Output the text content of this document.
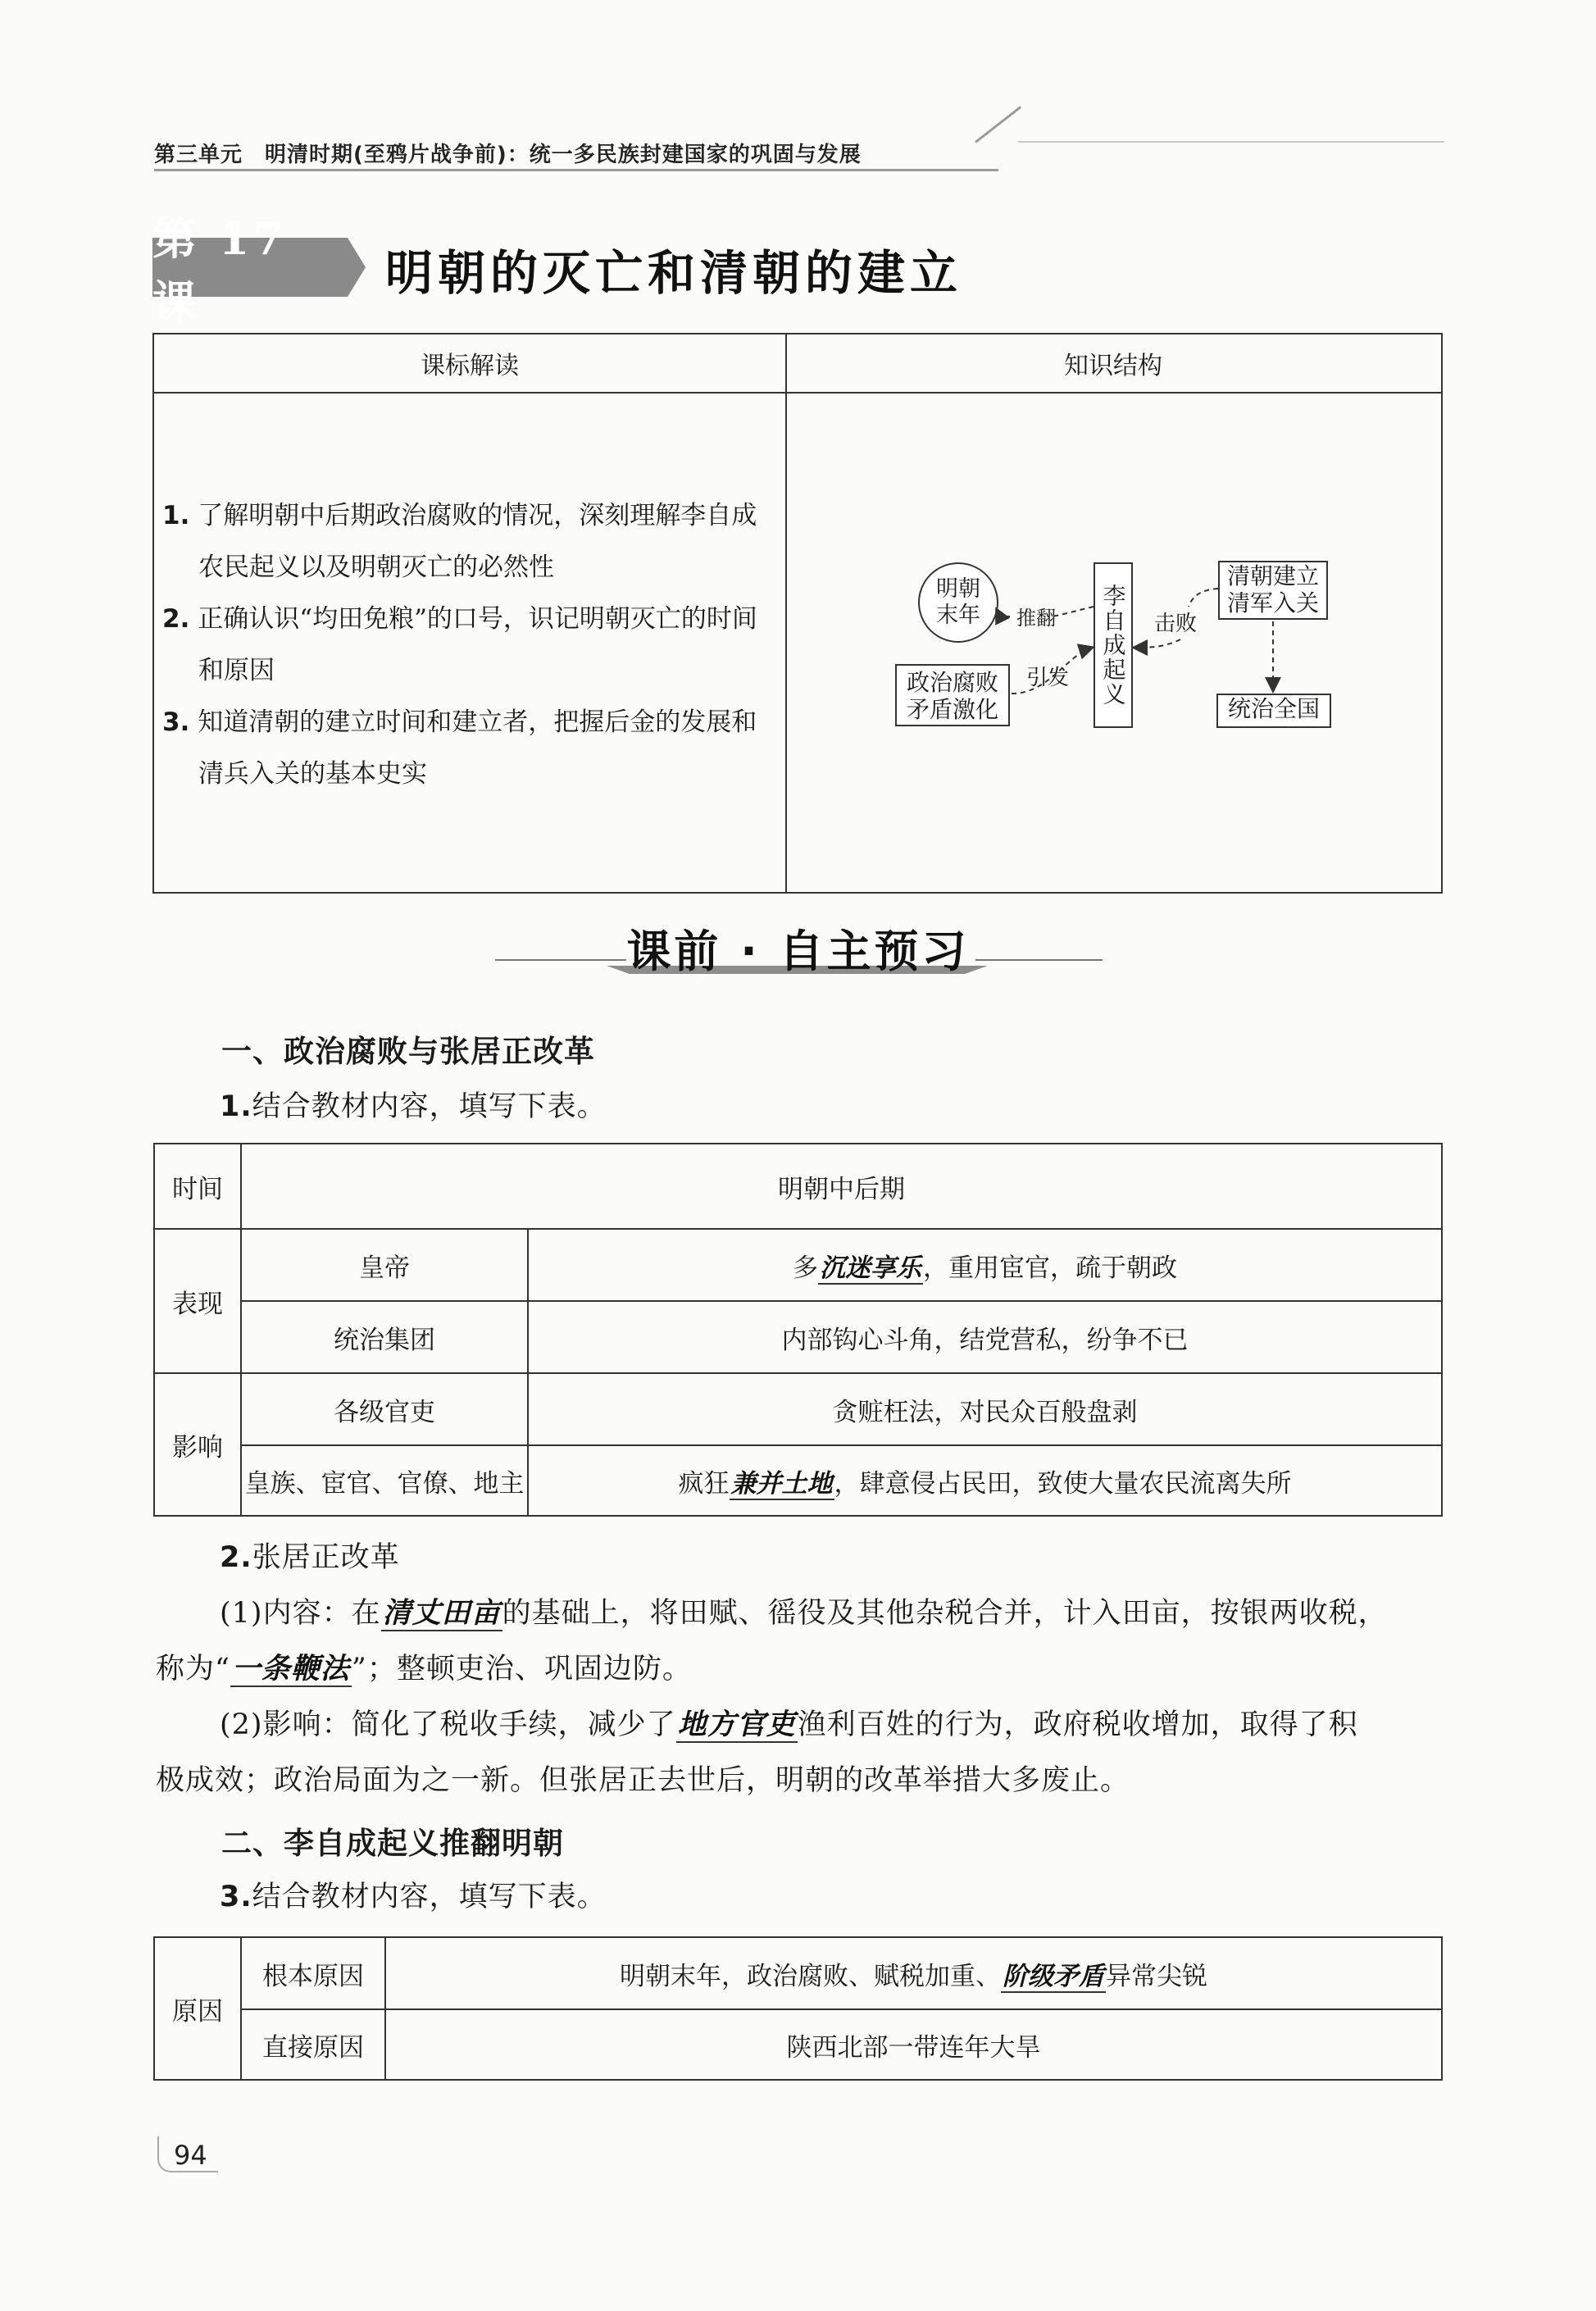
第三单元　明清时期(至鸦片战争前)：统一多民族封建国家的巩固与发展
第 17 课
明朝的灭亡和清朝的建立
课标解读	知识结构
1. 了解明朝中后期政治腐败的情况，深刻理解李自成农民起义以及明朝灭亡的必然性
2. 正确认识“均田免粮”的口号，识记明朝灭亡的时间和原因
3. 知道清朝的建立时间和建立者，把握后金的发展和清兵入关的基本史实
明朝末年
政治腐败矛盾激化
李自成起义
清朝建立清军入关
统治全国
推翻
引发
击败
课前 · 自主预习
一、政治腐败与张居正改革
1.结合教材内容，填写下表。
时间	明朝中后期	
表现	皇帝	多沉迷享乐，重用宦官，疏于朝政
	统治集团	内部钩心斗角，结党营私，纷争不已
影响	各级官吏	贪赃枉法，对民众百般盘剥
	皇族、宦官、官僚、地主	疯狂兼并土地，肆意侵占民田，致使大量农民流离失所
2.张居正改革
(1)内容：在清丈田亩的基础上，将田赋、徭役及其他杂税合并，计入田亩，按银两收税，
称为“一条鞭法”；整顿吏治、巩固边防。
(2)影响：简化了税收手续，减少了地方官吏渔利百姓的行为，政府税收增加，取得了积
极成效；政治局面为之一新。但张居正去世后，明朝的改革举措大多废止。
二、李自成起义推翻明朝
3.结合教材内容，填写下表。
原因	根本原因	明朝末年，政治腐败、赋税加重、阶级矛盾异常尖锐
	直接原因	陕西北部一带连年大旱
94
